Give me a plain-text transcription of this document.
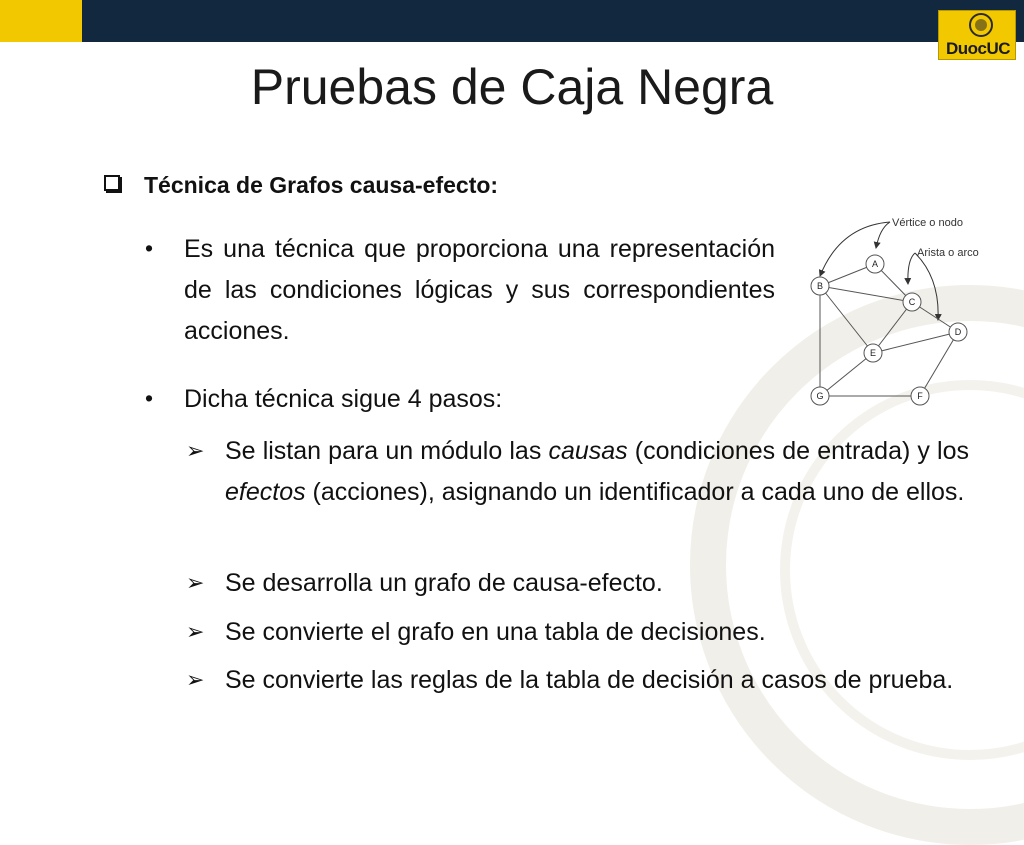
DuocUC
Pruebas de Caja Negra
Técnica de Grafos causa-efecto:
• Es una técnica que proporciona una representación de las condiciones lógicas y sus correspondientes acciones.
• Dicha técnica sigue 4 pasos:
➢ Se listan para un módulo las causas (condiciones de entrada) y los efectos (acciones), asignando un identificador a cada uno de ellos.
➢ Se desarrolla un grafo de causa-efecto.
➢ Se convierte el grafo en una tabla de decisiones.
➢ Se convierte las reglas de la tabla de decisión a casos de prueba.
Vértice o nodo
Arista o arco
A
B
C
D
E
F
G
